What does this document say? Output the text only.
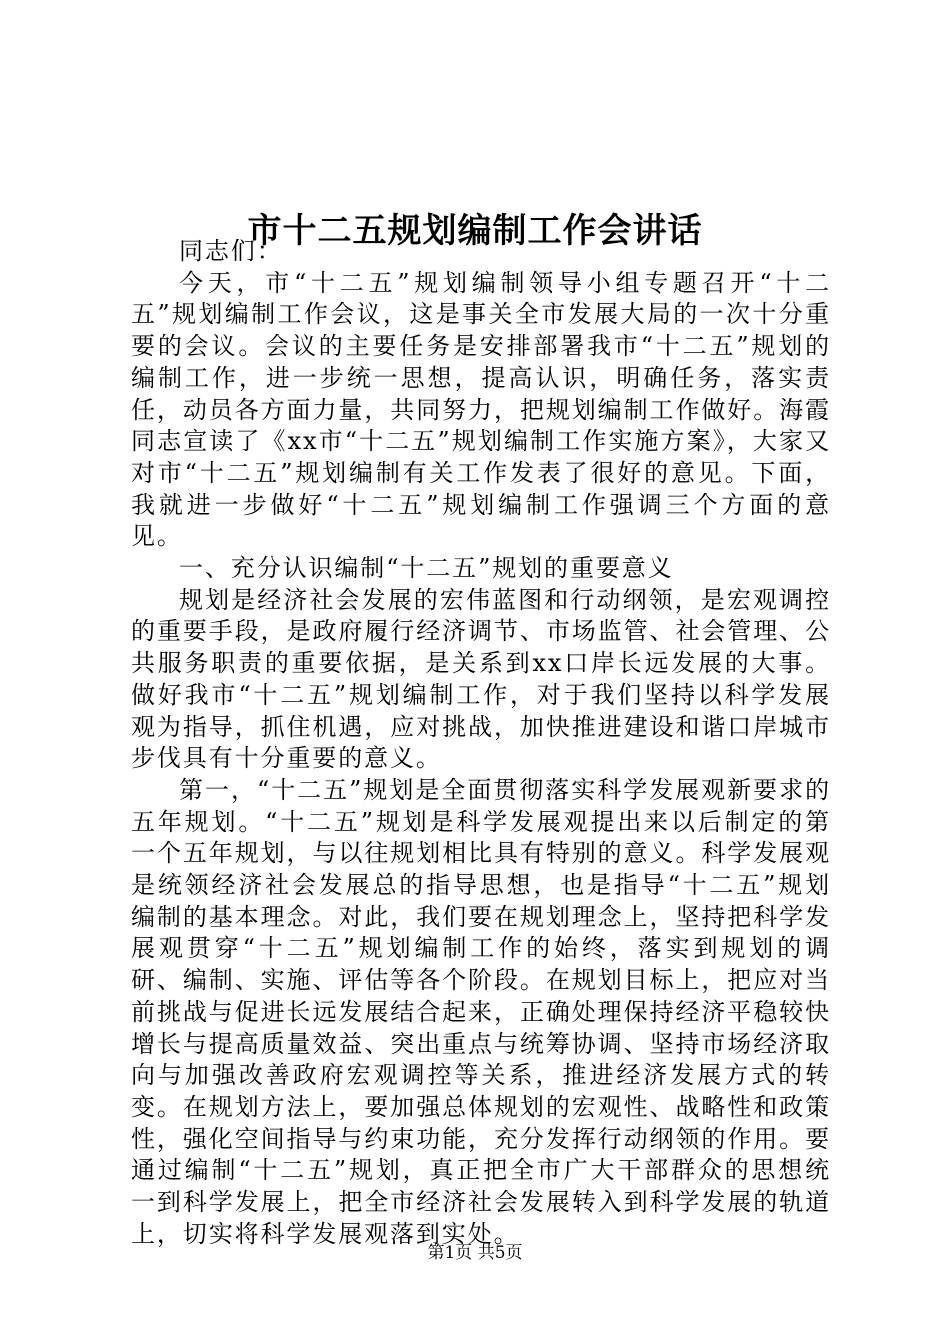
市十二五规划编制工作会讲话

同志们：

今天，市“十二五”规划编制领导小组专题召开“十二五”规划编制工作会议，这是事关全市发展大局的一次十分重要的会议。会议的主要任务是安排部署我市“十二五”规划的编制工作，进一步统一思想，提高认识，明确任务，落实责任，动员各方面力量，共同努力，把规划编制工作做好。海霞同志宣读了《xx市“十二五”规划编制工作实施方案》，大家又对市“十二五”规划编制有关工作发表了很好的意见。下面，我就进一步做好“十二五”规划编制工作强调三个方面的意见。

一、充分认识编制“十二五”规划的重要意义

规划是经济社会发展的宏伟蓝图和行动纲领，是宏观调控的重要手段，是政府履行经济调节、市场监管、社会管理、公共服务职责的重要依据，是关系到xx口岸长远发展的大事。做好我市“十二五”规划编制工作，对于我们坚持以科学发展观为指导，抓住机遇，应对挑战，加快推进建设和谐口岸城市步伐具有十分重要的意义。

第一，“十二五”规划是全面贯彻落实科学发展观新要求的五年规划。“十二五”规划是科学发展观提出来以后制定的第一个五年规划，与以往规划相比具有特别的意义。科学发展观是统领经济社会发展总的指导思想，也是指导“十二五”规划编制的基本理念。对此，我们要在规划理念上，坚持把科学发展观贯穿“十二五”规划编制工作的始终，落实到规划的调研、编制、实施、评估等各个阶段。在规划目标上，把应对当前挑战与促进长远发展结合起来，正确处理保持经济平稳较快增长与提高质量效益、突出重点与统筹协调、坚持市场经济取向与加强改善政府宏观调控等关系，推进经济发展方式的转变。在规划方法上，要加强总体规划的宏观性、战略性和政策性，强化空间指导与约束功能，充分发挥行动纲领的作用。要通过编制“十二五”规划，真正把全市广大干部群众的思想统一到科学发展上，把全市经济社会发展转入到科学发展的轨道上，切实将科学发展观落到实处。

第1页 共5页
